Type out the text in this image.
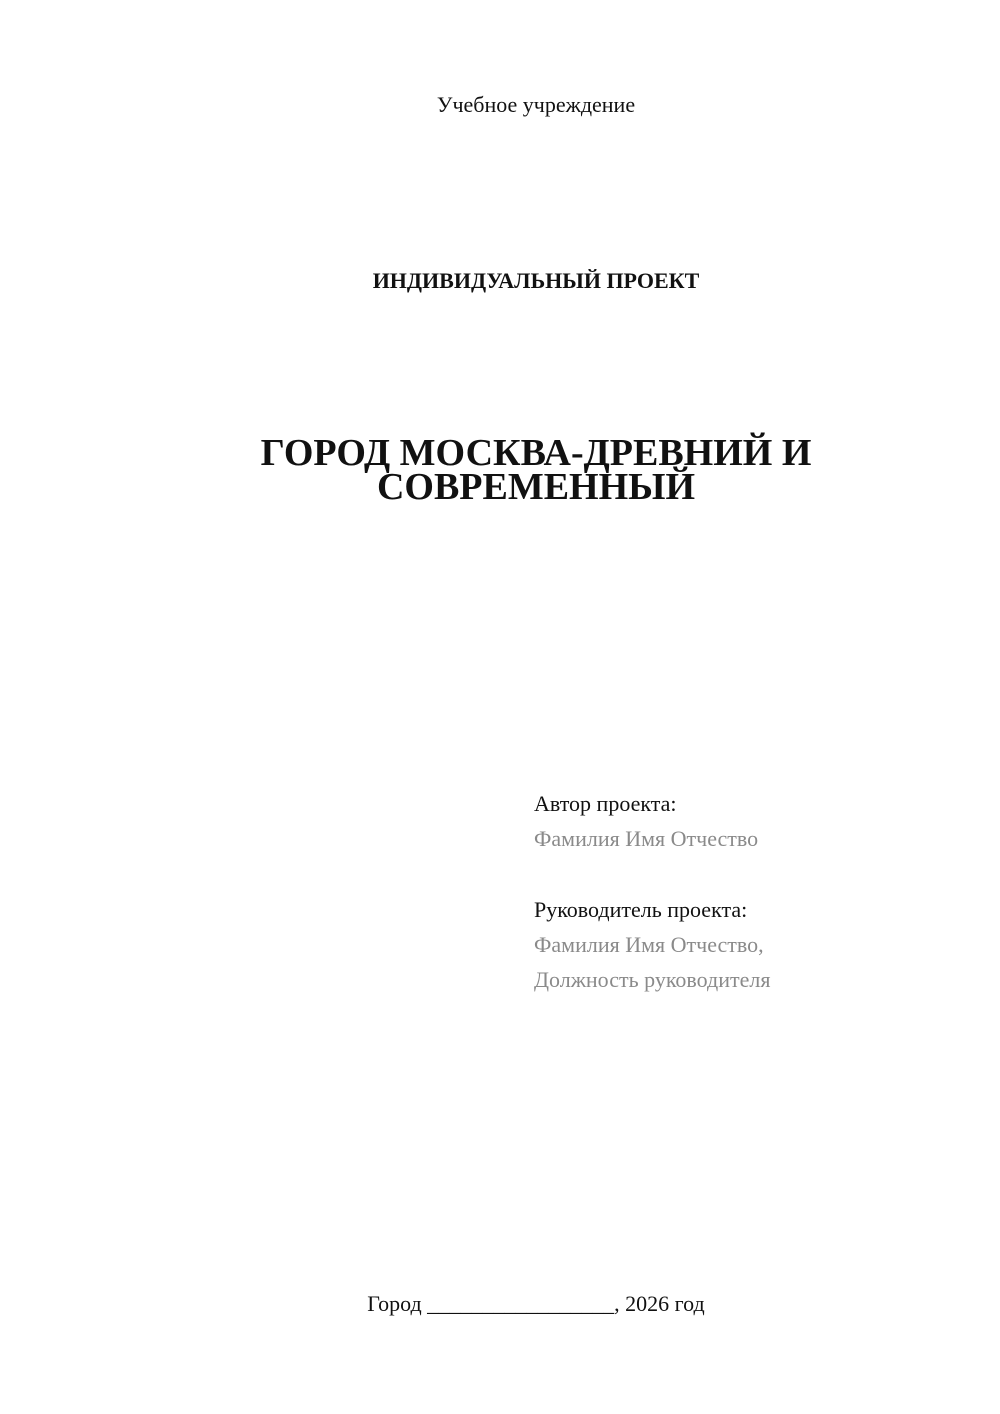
Учебное учреждение
ИНДИВИДУАЛЬНЫЙ ПРОЕКТ
ГОРОД МОСКВА-ДРЕВНИЙ И
СОВРЕМЕННЫЙ
Автор проекта:
Фамилия Имя Отчество
Руководитель проекта:
Фамилия Имя Отчество,
Должность руководителя
Город _________________, 2026 год
